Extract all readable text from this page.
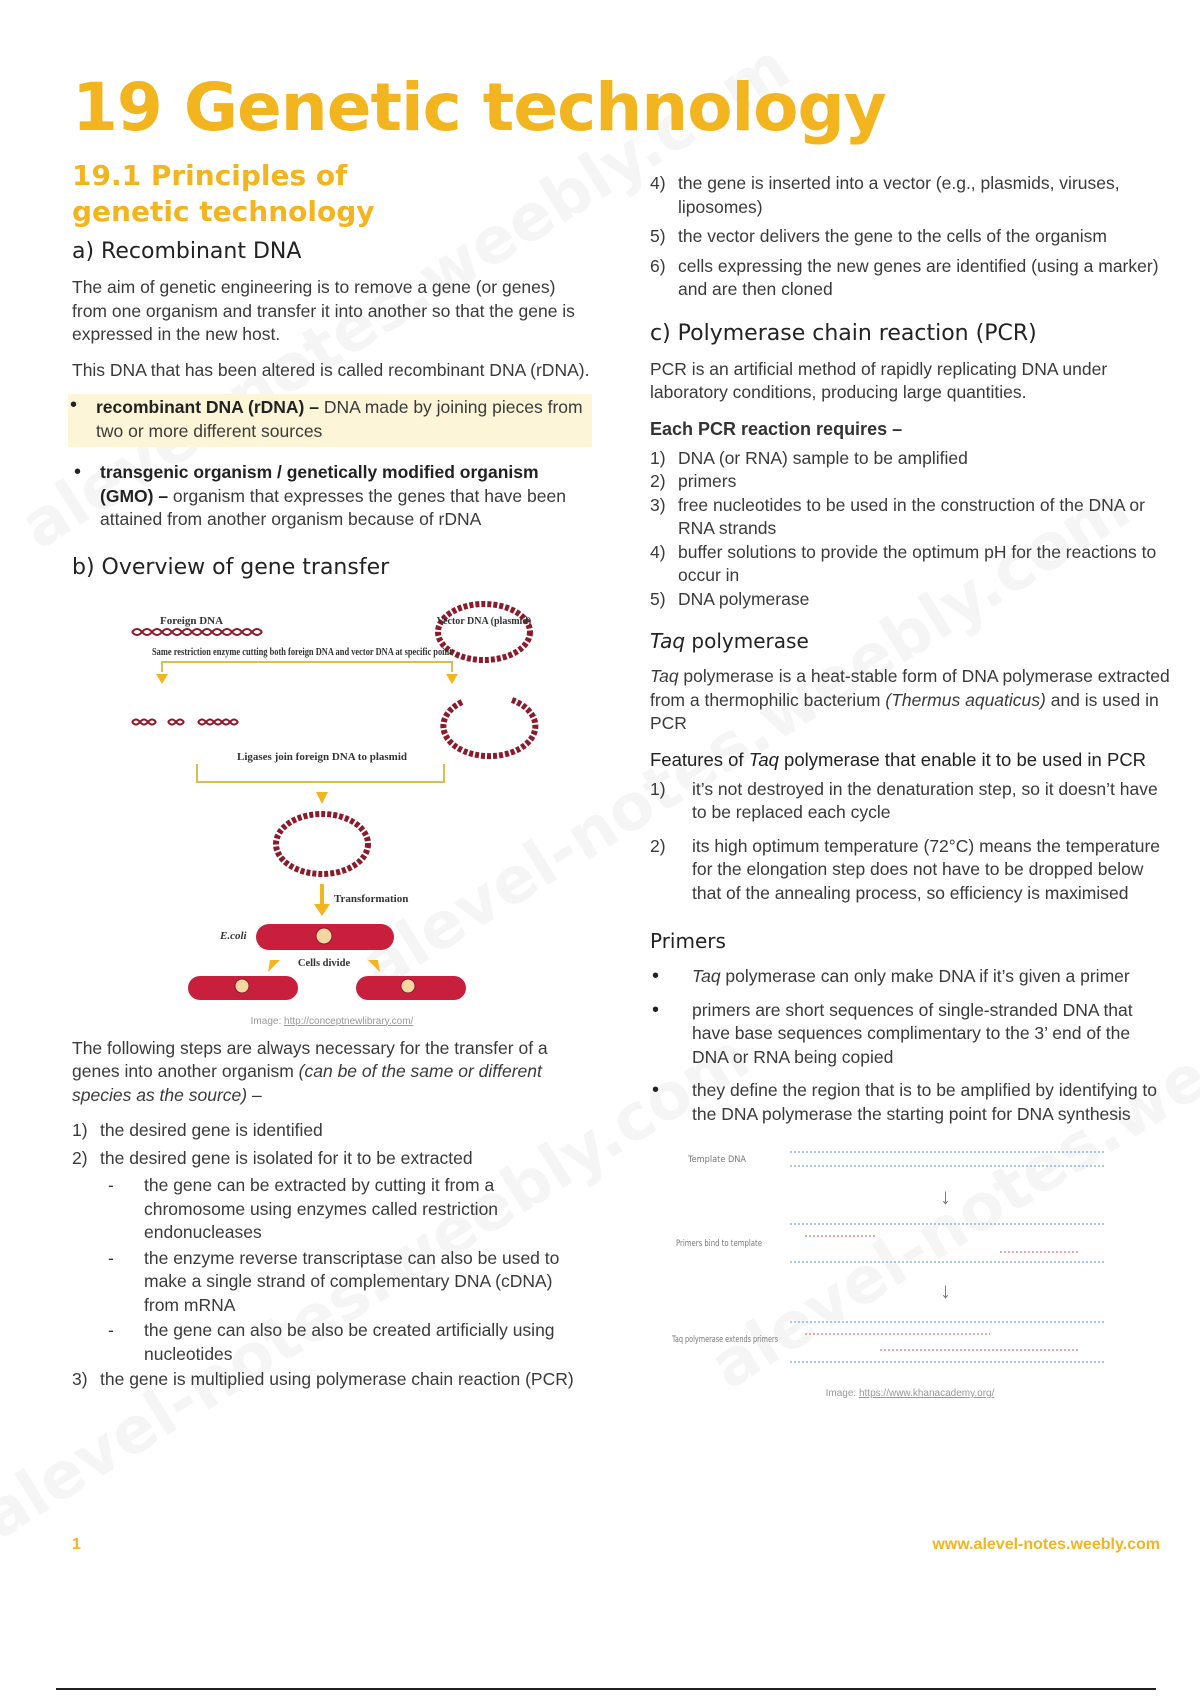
19 Genetic technology
19.1 Principles of genetic technology
a) Recombinant DNA

The aim of genetic engineering is to remove a gene (or genes) from one organism and transfer it into another so that the gene is expressed in the new host.

This DNA that has been altered is called recombinant DNA (rDNA).

• recombinant DNA (rDNA) – DNA made by joining pieces from two or more different sources
• transgenic organism / genetically modified organism (GMO) – organism that expresses the genes that have been attained from another organism because of rDNA
b) Overview of gene transfer
Foreign DNA	Vector DNA (plasmid)
Same restriction enzyme cutting both foreign DNA and vector DNA at specific point
Ligases join foreign DNA to plasmid
Transformation
E.coli
Cells divide
Image: http://conceptnewlibrary.com/

The following steps are always necessary for the transfer of a genes into another organism (can be of the same or different species as the source) –

1) the desired gene is identified
2) the desired gene is isolated for it to be extracted
- the gene can be extracted by cutting it from a chromosome using enzymes called restriction endonucleases
- the enzyme reverse transcriptase can also be used to make a single strand of complementary DNA (cDNA) from mRNA
- the gene can also be also be created artificially using nucleotides
3) the gene is multiplied using polymerase chain reaction (PCR)
4) the gene is inserted into a vector (e.g., plasmids, viruses, liposomes)
5) the vector delivers the gene to the cells of the organism
6) cells expressing the new genes are identified (using a marker) and are then cloned
c) Polymerase chain reaction (PCR)

PCR is an artificial method of rapidly replicating DNA under laboratory conditions, producing large quantities.

Each PCR reaction requires –
1) DNA (or RNA) sample to be amplified
2) primers
3) free nucleotides to be used in the construction of the DNA or RNA strands
4) buffer solutions to provide the optimum pH for the reactions to occur in
5) DNA polymerase
Taq polymerase

Taq polymerase is a heat-stable form of DNA polymerase extracted from a thermophilic bacterium (Thermus aquaticus) and is used in PCR

Features of Taq polymerase that enable it to be used in PCR
1) it’s not destroyed in the denaturation step, so it doesn’t have to be replaced each cycle
2) its high optimum temperature (72°C) means the temperature for the elongation step does not have to be dropped below that of the annealing process, so efficiency is maximised
Primers
• Taq polymerase can only make DNA if it’s given a primer
• primers are short sequences of single-stranded DNA that have base sequences complimentary to the 3’ end of the DNA or RNA being copied
• they define the region that is to be amplified by identifying to the DNA polymerase the starting point for DNA synthesis
Template DNA
↓
Primers bind to template
↓
Taq polymerase extends primers
Image: https://www.khanacademy.org/
1	www.alevel-notes.weebly.com
